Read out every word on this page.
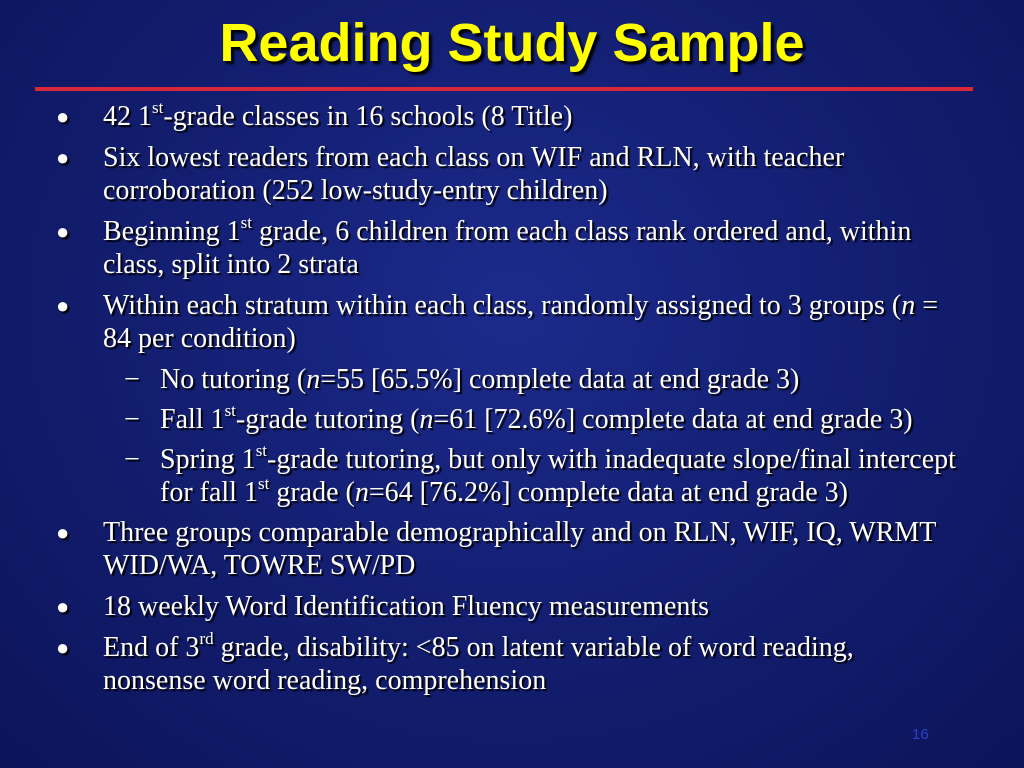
Reading Study Sample
● 42 1st-grade classes in 16 schools (8 Title)
● Six lowest readers from each class on WIF and RLN, with teacher corroboration (252 low-study-entry children)
● Beginning 1st grade, 6 children from each class rank ordered and, within class, split into 2 strata
● Within each stratum within each class, randomly assigned to 3 groups (n = 84 per condition)
− No tutoring (n=55 [65.5%] complete data at end grade 3)
− Fall 1st-grade tutoring (n=61 [72.6%] complete data at end grade 3)
− Spring 1st-grade tutoring, but only with inadequate slope/final intercept for fall 1st grade (n=64 [76.2%] complete data at end grade 3)
● Three groups comparable demographically and on RLN, WIF, IQ, WRMT WID/WA, TOWRE SW/PD
● 18 weekly Word Identification Fluency measurements
● End of 3rd grade, disability: <85 on latent variable of word reading, nonsense word reading, comprehension
16
